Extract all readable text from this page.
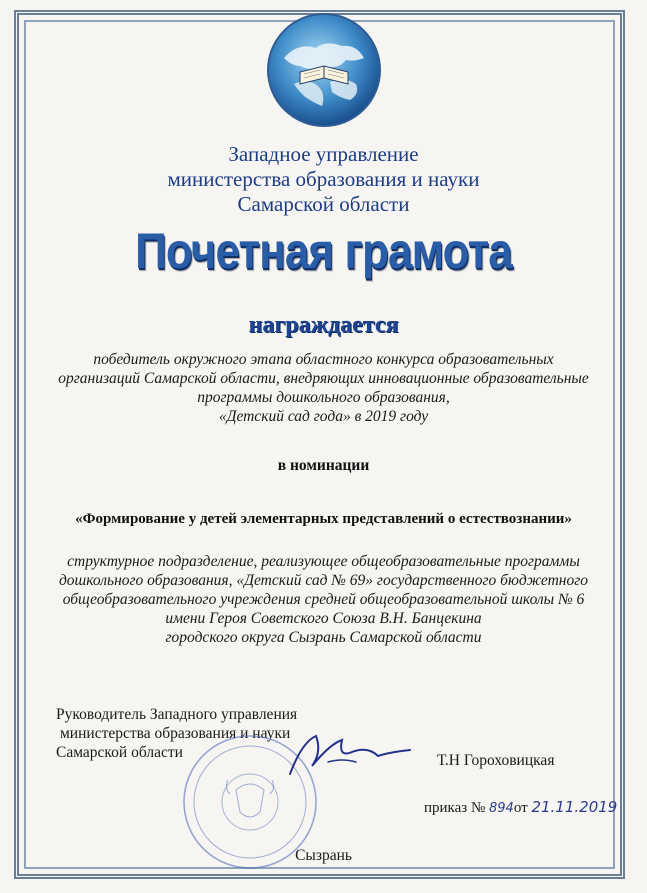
Западное управление
министерства образования и науки
Самарской области
Почетная грамота
награждается
победитель окружного этапа областного конкурса образовательных
организаций Самарской области, внедряющих инновационные образовательные
программы дошкольного образования,
«Детский сад года» в 2019 году
в номинации
«Формирование у детей элементарных представлений о естествознании»
структурное подразделение, реализующее общеобразовательные программы
дошкольного образования, «Детский сад № 69» государственного бюджетного
общеобразовательного учреждения средней общеобразовательной школы № 6
имени Героя Советского Союза В.Н. Банцекина
городского округа Сызрань Самарской области
Руководитель Западного управления
министерства образования и науки
Самарской области	Т.Н Гороховицкая
приказ № 894от 21.11.2019
Сызрань
